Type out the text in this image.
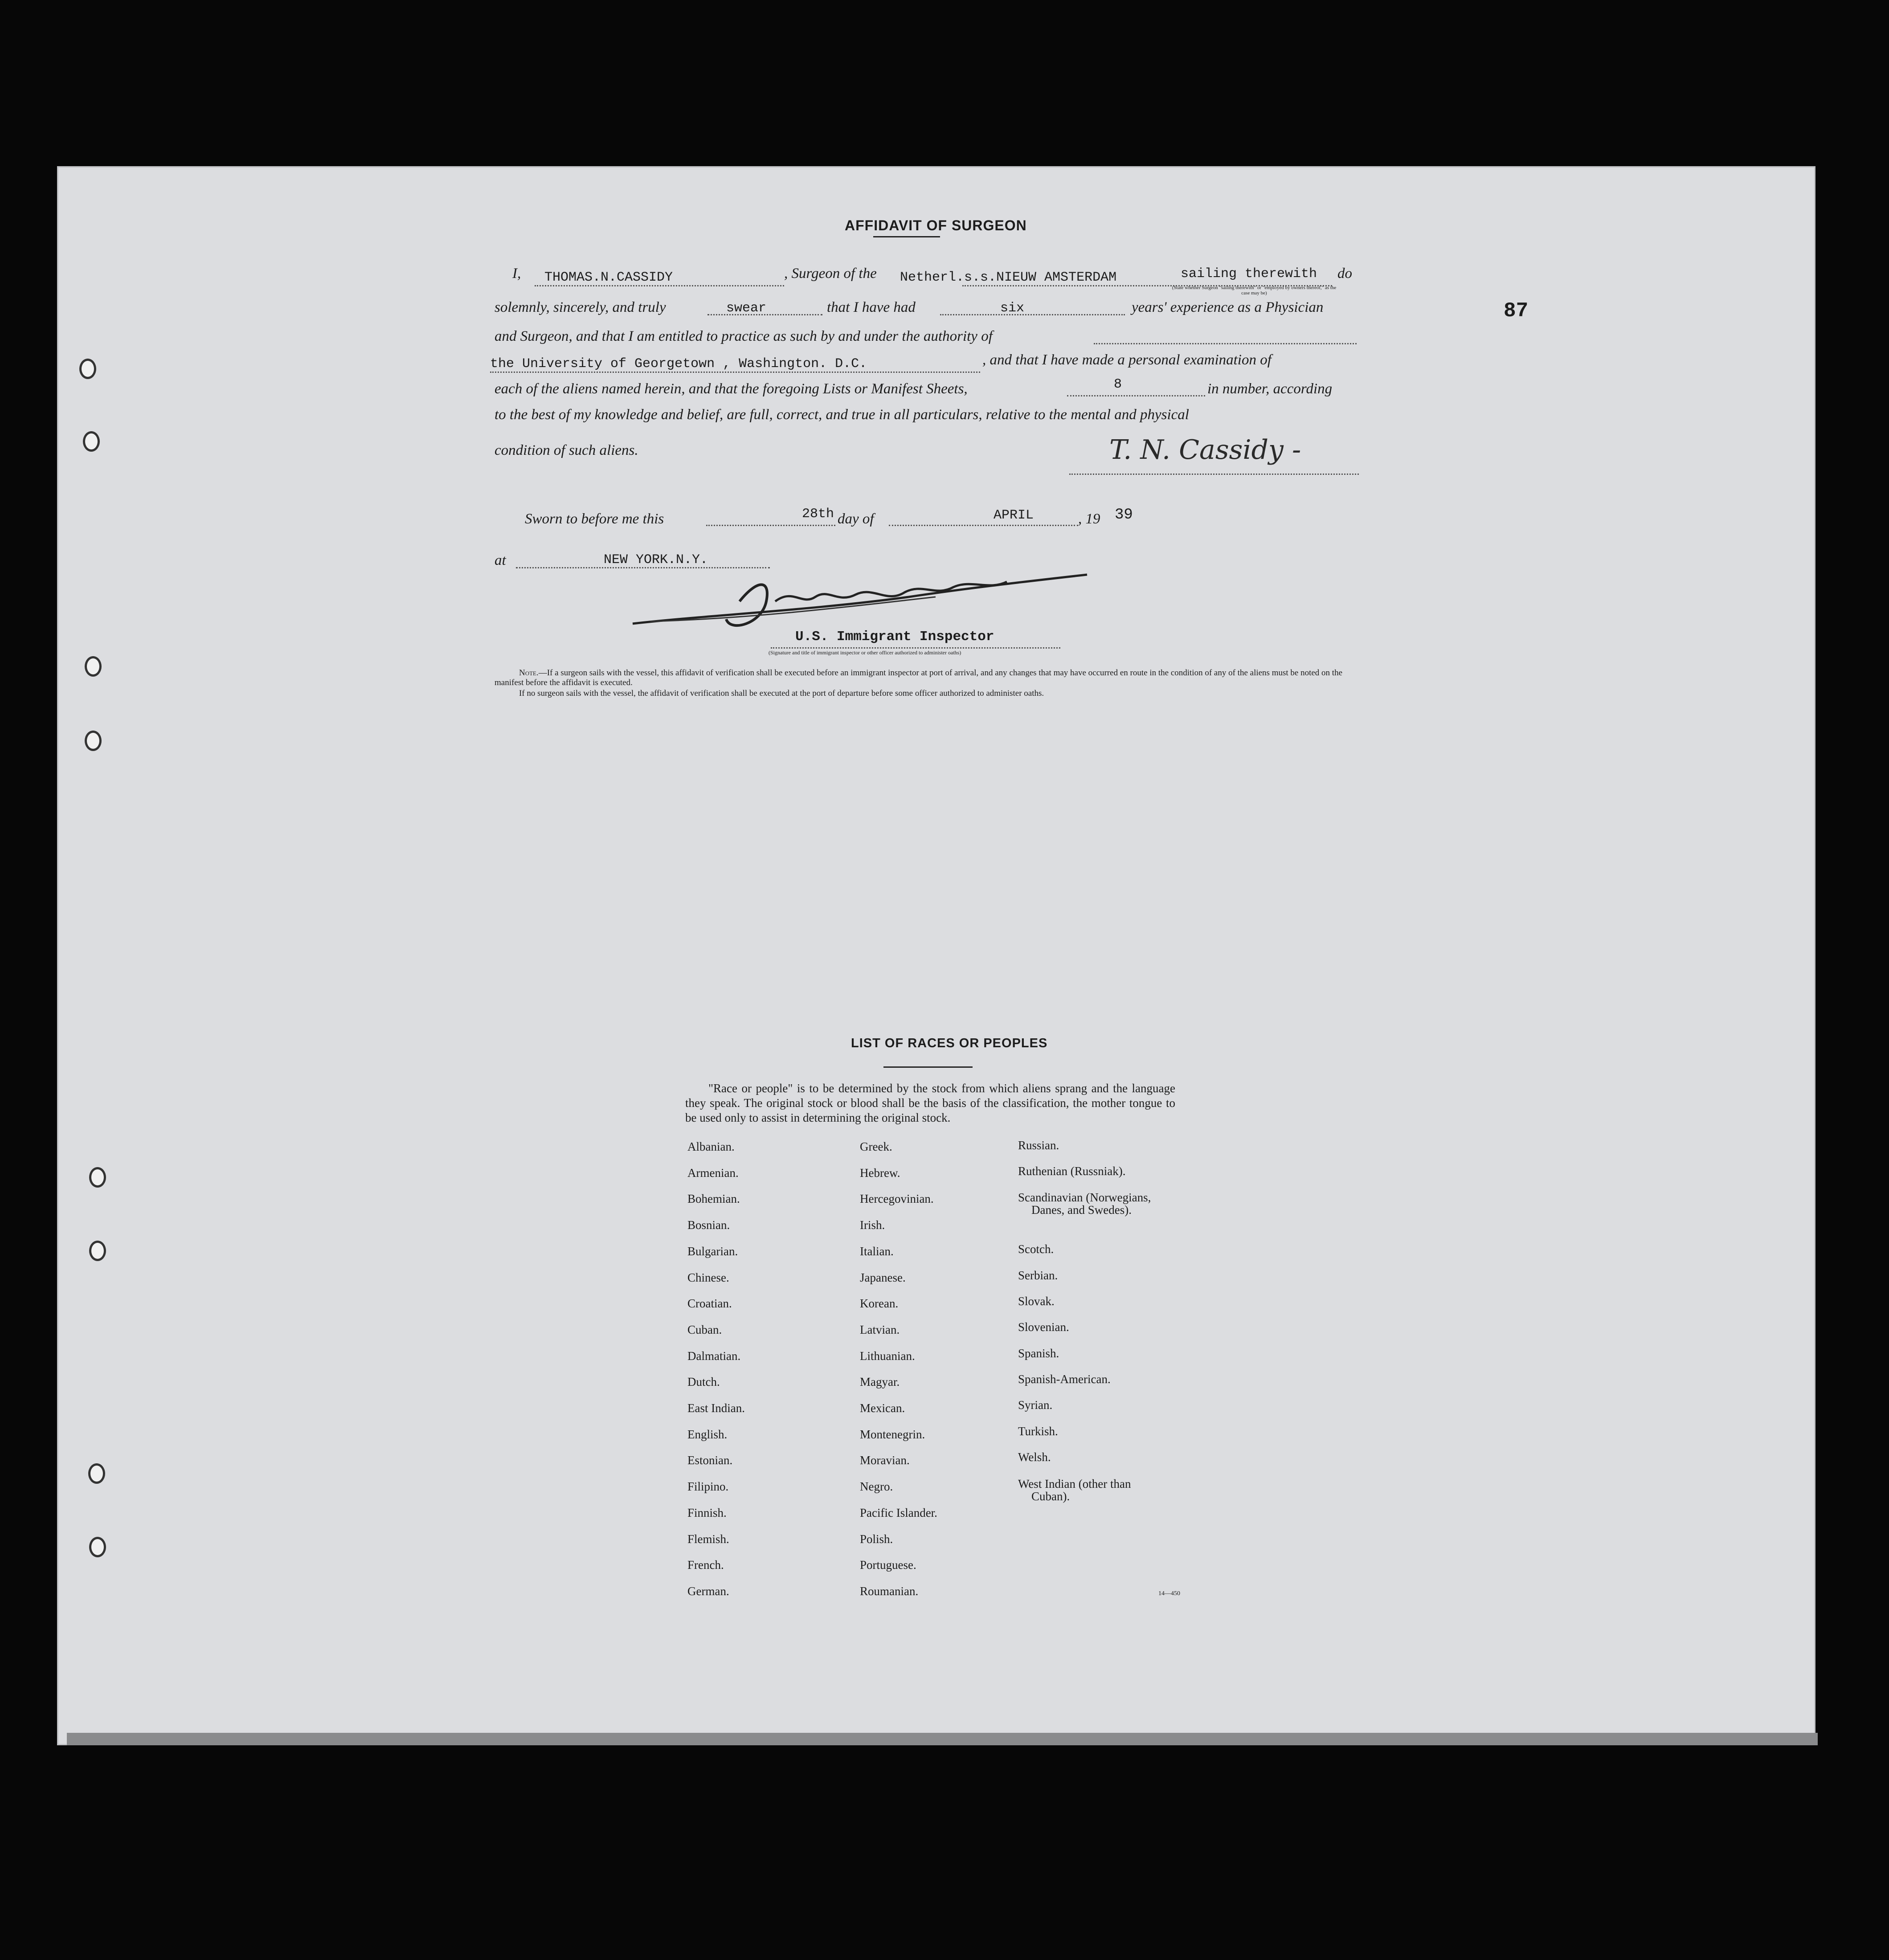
87
AFFIDAVIT OF SURGEON
I, THOMAS.N.CASSIDY	, Surgeon of the Netherl.s.s.NIEUW AMSTERDAM	sailing therewith
(State whether Surgeon "sailing therewith" or "employed by owners thereof," as the case may be)
do
solemnly, sincerely, and truly	swear	that I have had	six	years' experience as a Physician
and Surgeon, and that I am entitled to practice as such by and under the authority of
the University of Georgetown , Washington. D.C.	, and that I have made a personal examination of
each of the aliens named herein, and that the foregoing Lists or Manifest Sheets,	8	in number, according
to the best of my knowledge and belief, are full, correct, and true in all particulars, relative to the mental and physical
condition of such aliens.	T. N. Cassidy -
Sworn to before me this	28th day of	APRIL	, 19 39
at	NEW YORK.N.Y.
U.S. Immigrant Inspector
(Signature and title of immigrant inspector or other officer authorized to administer oaths)
Note.—If a surgeon sails with the vessel, this affidavit of verification shall be executed before an immigrant inspector at port of arrival, and any changes that may have occurred en route in the condition of any of the aliens must be noted on the manifest before the affidavit is executed.
If no surgeon sails with the vessel, the affidavit of verification shall be executed at the port of departure before some officer authorized to administer oaths.
LIST OF RACES OR PEOPLES
"Race or people" is to be determined by the stock from which aliens sprang and the language they speak. The original stock or blood shall be the basis of the classification, the mother tongue to be used only to assist in determining the original stock.
Albanian.
Armenian.
Bohemian.
Bosnian.
Bulgarian.
Chinese.
Croatian.
Cuban.
Dalmatian.
Dutch.
East Indian.
English.
Estonian.
Filipino.
Finnish.
Flemish.
French.
German.
Greek.
Hebrew.
Hercegovinian.
Irish.
Italian.
Japanese.
Korean.
Latvian.
Lithuanian.
Magyar.
Mexican.
Montenegrin.
Moravian.
Negro.
Pacific Islander.
Polish.
Portuguese.
Roumanian.
Russian.
Ruthenian (Russniak).
Scandinavian (Norwegians,
Danes, and Swedes).
Scotch.
Serbian.
Slovak.
Slovenian.
Spanish.
Spanish-American.
Syrian.
Turkish.
Welsh.
West Indian (other than
Cuban).
14—450
